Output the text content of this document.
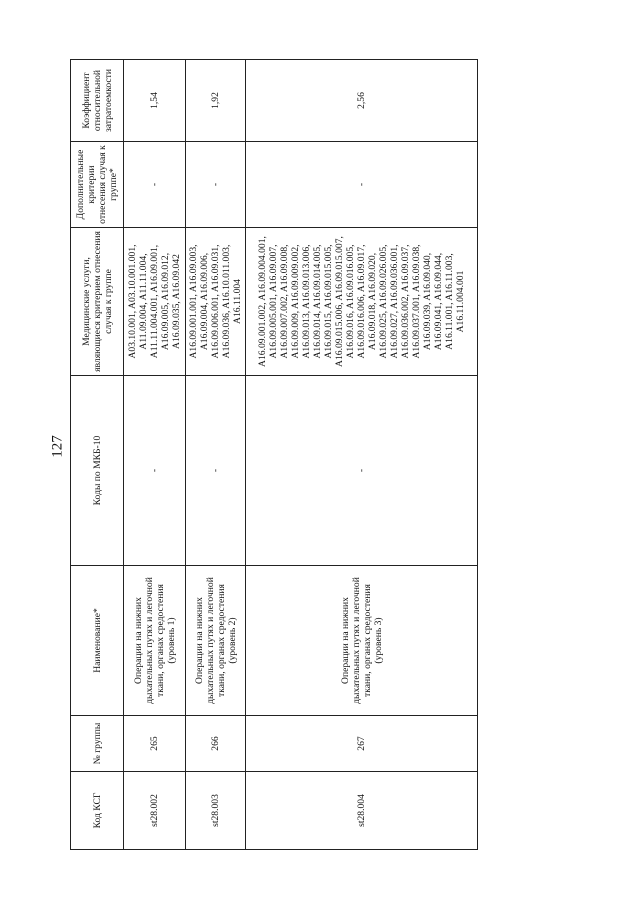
127
Код КСГ	№ группы	Наименование*	Коды по МКБ-10	Медицинские услуги, являющиеся критерием отнесения случая к группе	Дополнительные критерии отнесения случая к группе*	Коэффициент относительной затратоемкости
st28.002	265	Операции на нижних дыхательных путях и легочной ткани, органах средостения (уровень 1)	-	A03.10.001, A03.10.001.001, A11.09.004, A11.11.004, A11.11.004.001, A16.09.001, A16.09.005, A16.09.012, A16.09.035, A16.09.042	-	1,54
st28.003	266	Операции на нижних дыхательных путях и легочной ткани, органах средостения (уровень 2)	-	A16.09.001.001, A16.09.003, A16.09.004, A16.09.006, A16.09.006.001, A16.09.031, A16.09.036, A16.10.011.003, A16.11.004	-	1,92
st28.004	267	Операции на нижних дыхательных путях и легочной ткани, органах средостения (уровень 3)	-	A16.09.001.002, A16.09.004.001, A16.09.005.001, A16.09.007, A16.09.007.002, A16.09.008, A16.09.009, A16.09.009.002, A16.09.013, A16.09.013.006, A16.09.014, A16.09.014.005, A16.09.015, A16.09.015.005, A16.09.015.006, A16.09.015.007, A16.09.016, A16.09.016.005, A16.09.016.006, A16.09.017, A16.09.018, A16.09.020, A16.09.025, A16.09.026.005, A16.09.027, A16.09.036.001, A16.09.036.002, A16.09.037, A16.09.037.001, A16.09.038, A16.09.039, A16.09.040, A16.09.041, A16.09.044, A16.11.001, A16.11.003, A16.11.004.001	-	2,56
